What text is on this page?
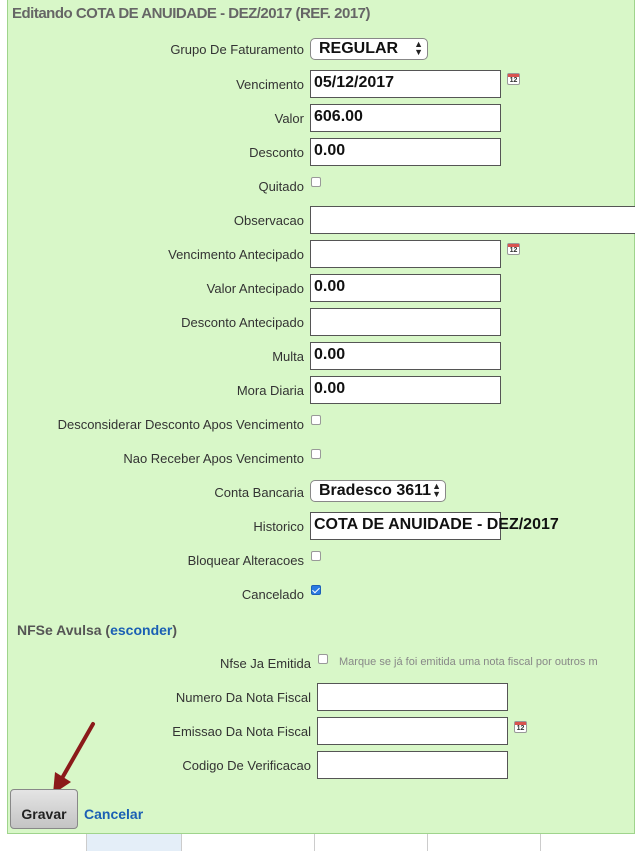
Editando COTA DE ANUIDADE - DEZ/2017 (REF. 2017)
Grupo De Faturamento REGULAR ▲
▼
Vencimento 05/12/2017	12
Valor 606.00
Desconto 0.00
Quitado
Observacao
Vencimento Antecipado	12
Valor Antecipado 0.00
Desconto Antecipado
Multa 0.00
Mora Diaria 0.00
Desconsiderar Desconto Apos Vencimento
Nao Receber Apos Vencimento
Conta Bancaria Bradesco 3611 ▲
▼
Historico COTA DE ANUIDADE - DEZ/2017
Bloquear Alteracoes
Cancelado
NFSe Avulsa (esconder)
Nfse Ja Emitida	Marque se já foi emitida uma nota fiscal por outros m
Numero Da Nota Fiscal
Emissao Da Nota Fiscal	12
Codigo De Verificacao
Gravar	Cancelar
